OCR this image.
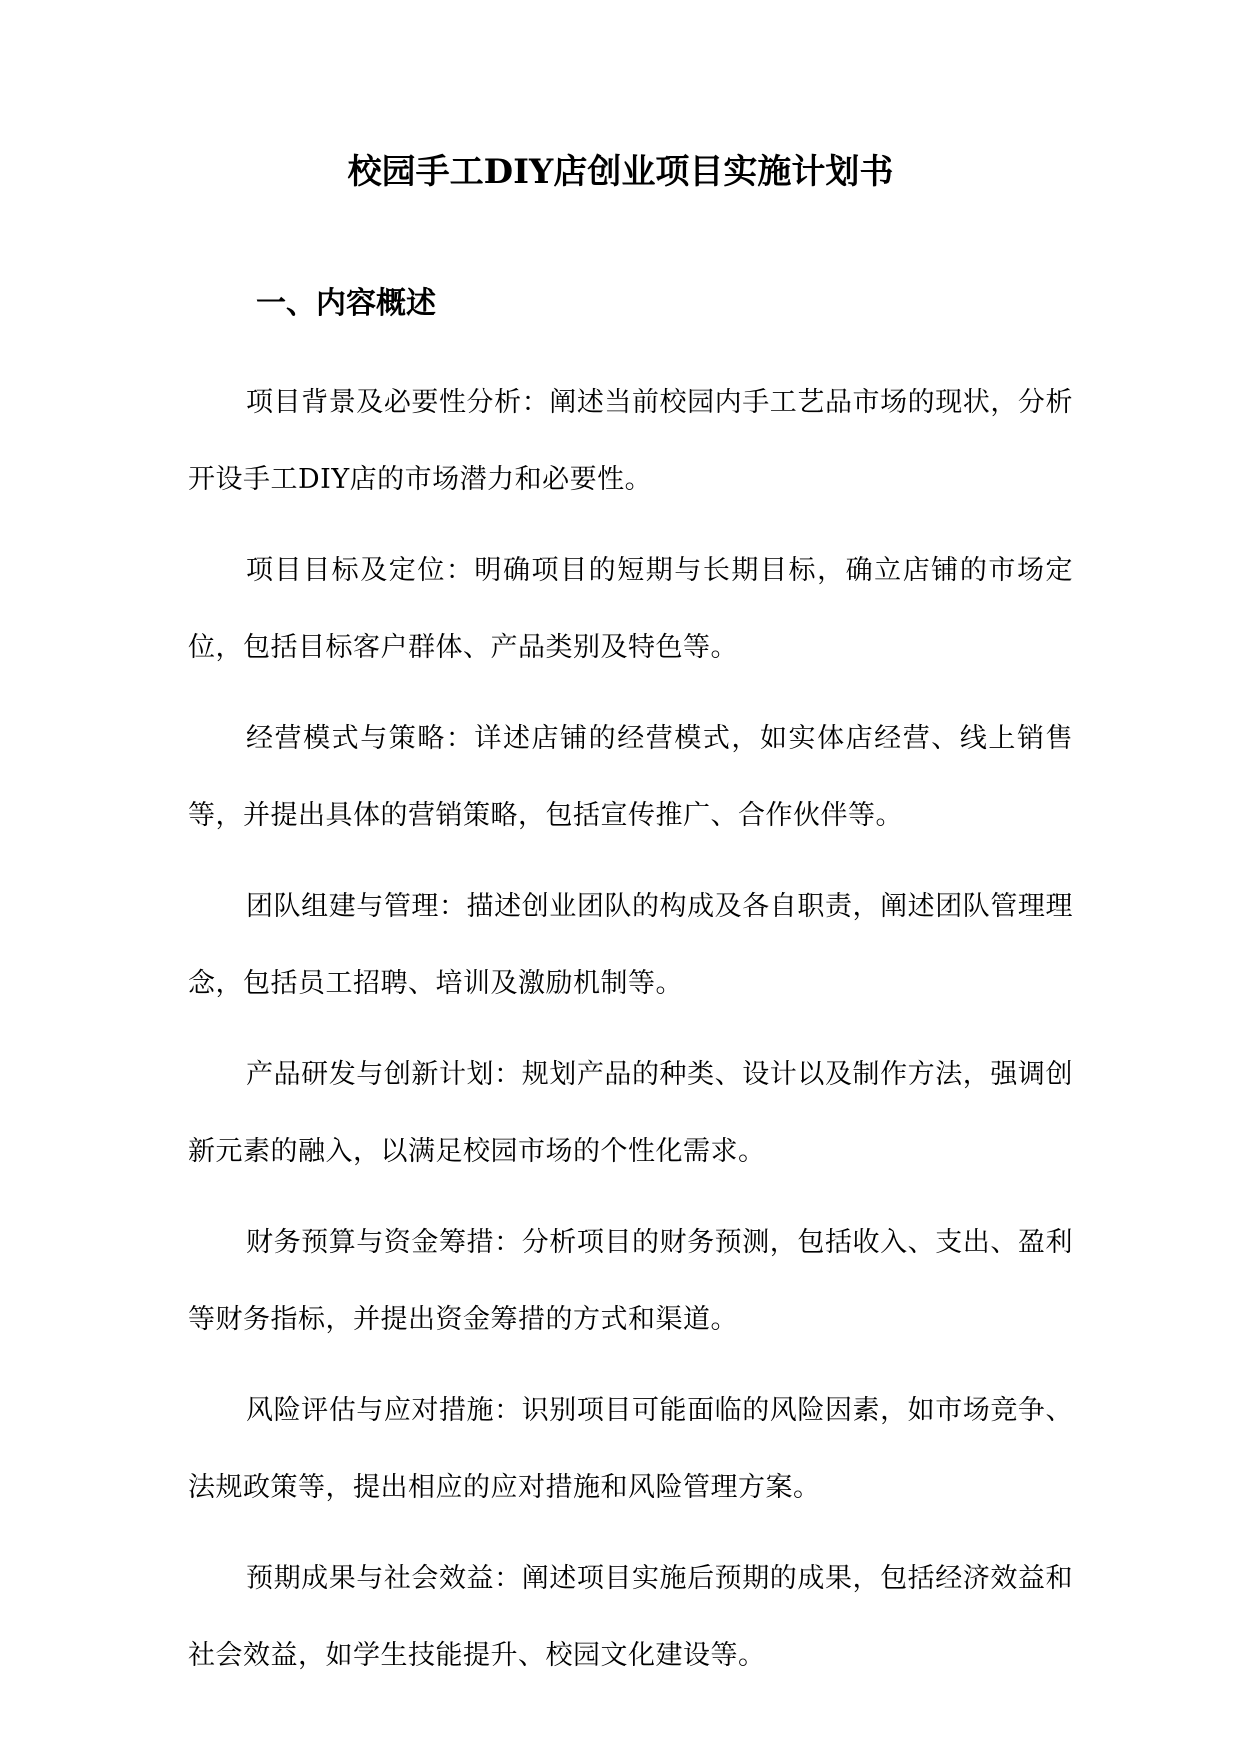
校园手工DIY店创业项目实施计划书
一、内容概述

项目背景及必要性分析：阐述当前校园内手工艺品市场的现状，分析开设手工DIY店的市场潜力和必要性。

项目目标及定位：明确项目的短期与长期目标，确立店铺的市场定位，包括目标客户群体、产品类别及特色等。

经营模式与策略：详述店铺的经营模式，如实体店经营、线上销售等，并提出具体的营销策略，包括宣传推广、合作伙伴等。

团队组建与管理：描述创业团队的构成及各自职责，阐述团队管理理念，包括员工招聘、培训及激励机制等。

产品研发与创新计划：规划产品的种类、设计以及制作方法，强调创新元素的融入，以满足校园市场的个性化需求。

财务预算与资金筹措：分析项目的财务预测，包括收入、支出、盈利等财务指标，并提出资金筹措的方式和渠道。

风险评估与应对措施：识别项目可能面临的风险因素，如市场竞争、法规政策等，提出相应的应对措施和风险管理方案。

预期成果与社会效益：阐述项目实施后预期的成果，包括经济效益和社会效益，如学生技能提升、校园文化建设等。
